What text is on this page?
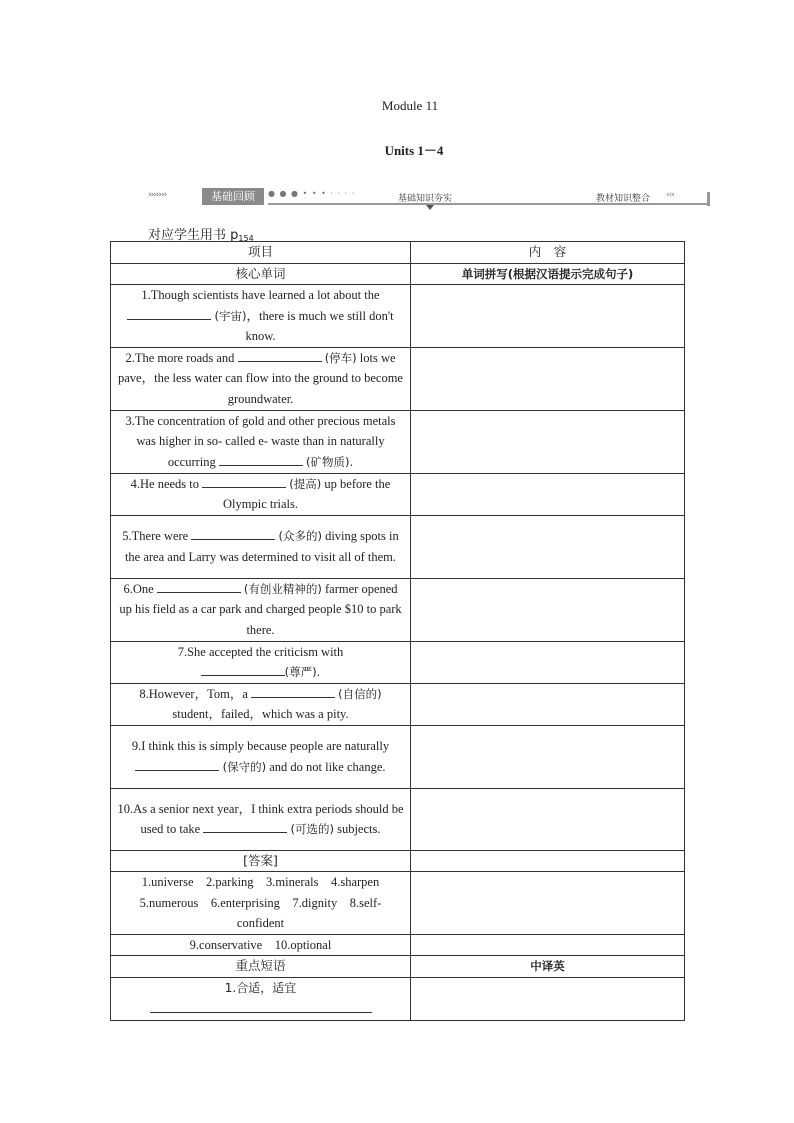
Module 11
Units 1－4
›››››››	基础回顾	● ● ● • • • · · · ·
基础知识夯实	教材知识整合 ‹‹‹
对应学生用书 $p_{154}$
项目	内　容
核心单词	单词拼写(根据汉语提示完成句子)
1.Though scientists have learned a lot about the
(宇宙)，there is much we still don't know.	
2.The more roads and (停车) lots we pave，the less water can flow into the ground to become groundwater.	
3.The concentration of gold and other precious metals was higher in so- called e- waste than in naturally occurring (矿物质).	
4.He needs to (提高) up before the Olympic trials.	
5.There were (众多的) diving spots in the area and Larry was determined to visit all of them.	
6.One (有创业精神的) farmer opened up his field as a car park and charged people $10 to park there.	
7.She accepted the criticism with
(尊严).	
8.However，Tom，a (自信的) student，failed，which was a pity.	
9.I think this is simply because people are naturally  (保守的) and do not like change.	
10.As a senior next year，I think extra periods should be used to take (可选的) subjects.	
[答案]	
1.universe　2.parking　3.minerals　4.sharpen　5.numerous　6.enterprising　7.dignity　8.self-confident	
9.conservative　10.optional	
重点短语	中译英
1.合适，适宜
